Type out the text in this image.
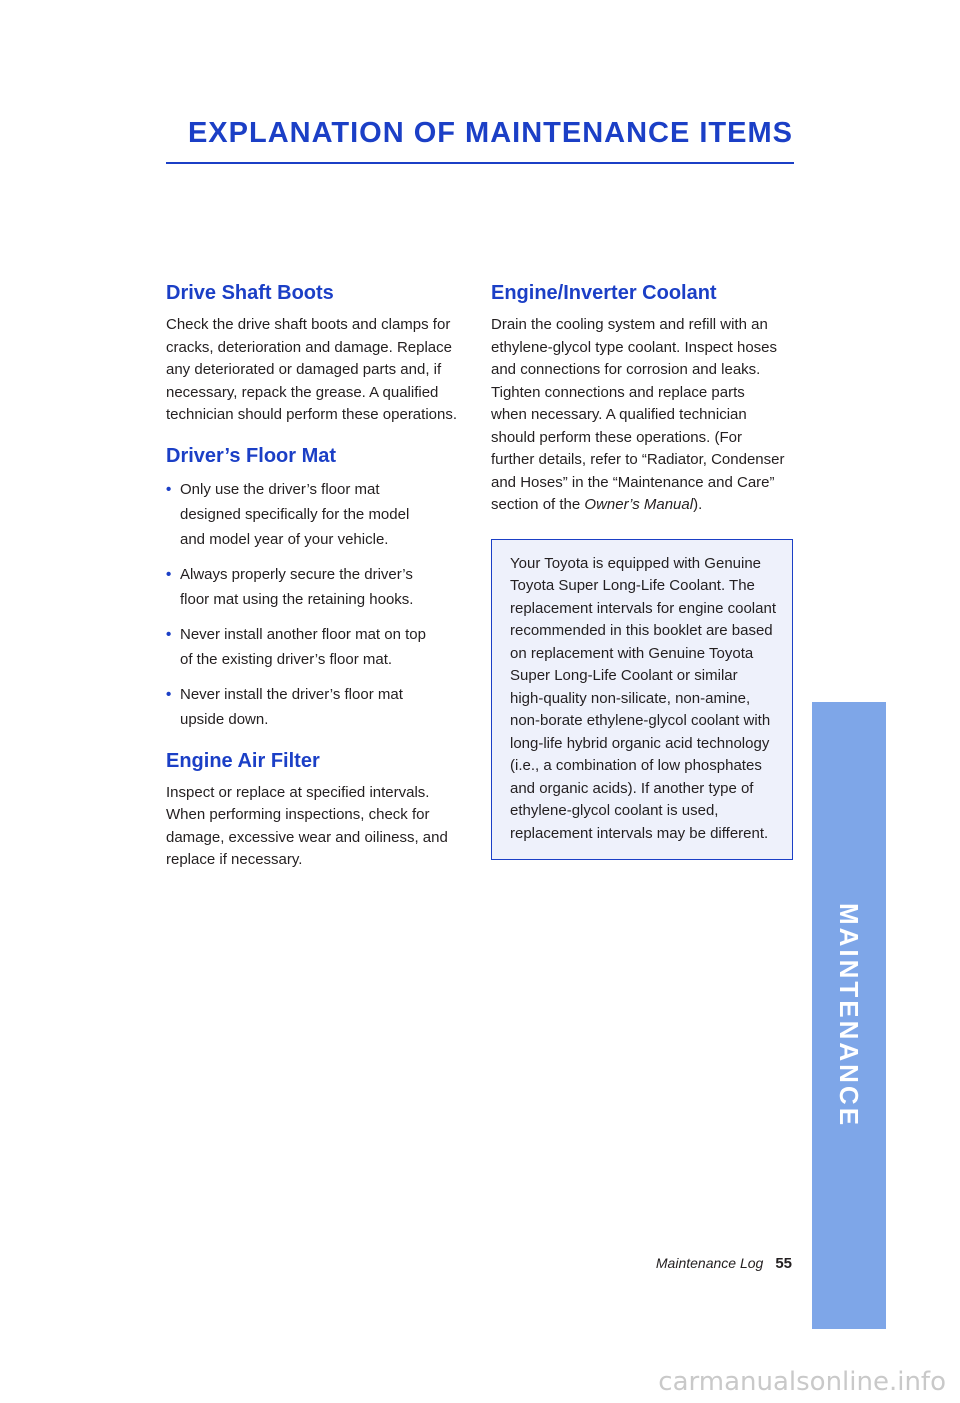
EXPLANATION OF MAINTENANCE ITEMS
Drive Shaft Boots

Check the drive shaft boots and clamps for
cracks, deterioration and damage. Replace
any deteriorated or damaged parts and, if
necessary, repack the grease. A qualified
technician should perform these operations.

Driver’s Floor Mat
• Only use the driver’s floor mat
designed specifically for the model
and model year of your vehicle.
• Always properly secure the driver’s
floor mat using the retaining hooks.
• Never install another floor mat on top
of the existing driver’s floor mat.
• Never install the driver’s floor mat
upside down.
Engine Air Filter

Inspect or replace at specified intervals.
When performing inspections, check for
damage, excessive wear and oiliness, and
replace if necessary.

Engine/Inverter Coolant

Drain the cooling system and refill with an
ethylene-glycol type coolant. Inspect hoses
and connections for corrosion and leaks.
Tighten connections and replace parts
when necessary. A qualified technician
should perform these operations. (For
further details, refer to “Radiator, Condenser
and Hoses” in the “Maintenance and Care”
section of the Owner’s Manual).

Your Toyota is equipped with Genuine
Toyota Super Long-Life Coolant. The
replacement intervals for engine coolant
recommended in this booklet are based
on replacement with Genuine Toyota
Super Long-Life Coolant or similar
high-quality non-silicate, non-amine,
non-borate ethylene-glycol coolant with
long-life hybrid organic acid technology
(i.e., a combination of low phosphates
and organic acids). If another type of
ethylene-glycol coolant is used,
replacement intervals may be different.

MAINTENANCE
Maintenance Log 55
carmanualsonline.info
